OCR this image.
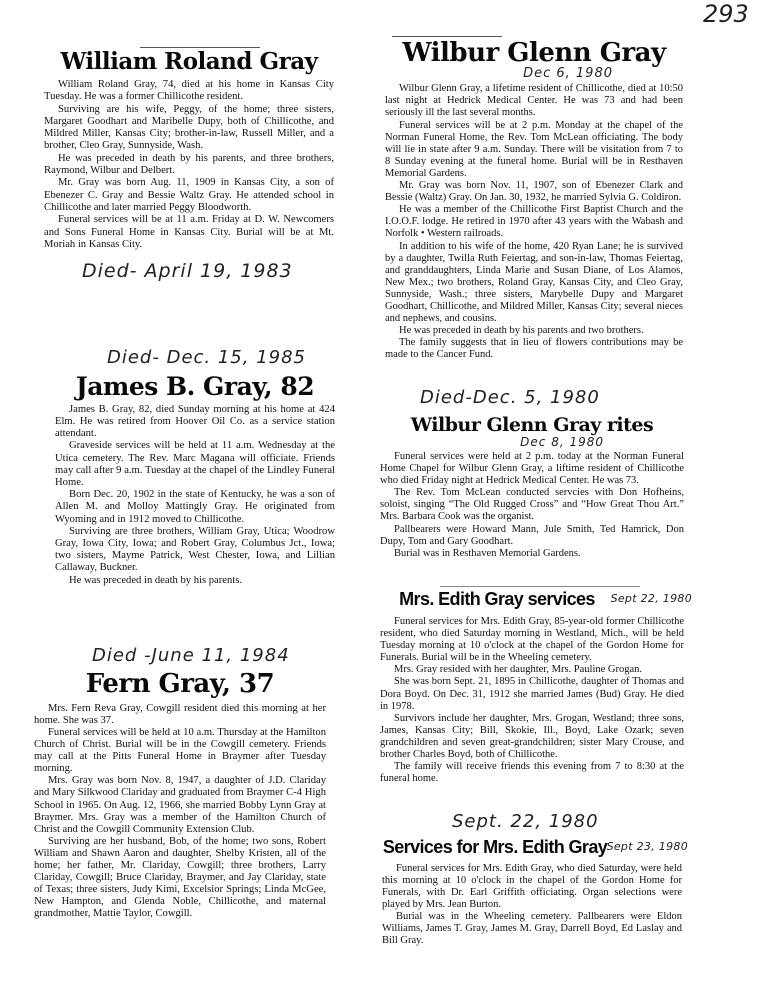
293
William Roland Gray

William Roland Gray, 74, died at his home in Kansas City Tuesday. He was a former Chillicothe resident.

Surviving are his wife, Peggy, of the home; three sisters, Margaret Goodhart and Maribelle Dupy, both of Chillicothe, and Mildred Miller, Kansas City; brother-in-law, Russell Miller, and a brother, Cleo Gray, Sunnyside, Wash.

He was preceded in death by his parents, and three brothers, Raymond, Wilbur and Delbert.

Mr. Gray was born Aug. 11, 1909 in Kansas City, a son of Ebenezer C. Gray and Bessie Waltz Gray. He attended school in Chillicothe and later married Peggy Bloodworth.

Funeral services will be at 11 a.m. Friday at D. W. Newcomers and Sons Funeral Home in Kansas City. Burial will be at Mt. Moriah in Kansas City.

Died- April 19, 1983
Died- Dec. 15, 1985
James B. Gray, 82

James B. Gray, 82, died Sunday morning at his home at 424 Elm. He was retired from Hoover Oil Co. as a service station attendant.

Graveside services will be held at 11 a.m. Wednesday at the Utica cemetery. The Rev. Marc Magana will officiate. Friends may call after 9 a.m. Tuesday at the chapel of the Lindley Funeral Home.

Born Dec. 20, 1902 in the state of Kentucky, he was a son of Allen M. and Molloy Mattingly Gray. He originated from Wyoming and in 1912 moved to Chillicothe.

Surviving are three brothers, William Gray, Utica; Woodrow Gray, Iowa City, Iowa; and Robert Gray, Columbus Jct., Iowa; two sisters, Mayme Patrick, West Chester, Iowa, and Lillian Callaway, Buckner.

He was preceded in death by his parents.

Died -June 11, 1984
Fern Gray, 37

Mrs. Fern Reva Gray, Cowgill resident died this morning at her home. She was 37.

Funeral services will be held at 10 a.m. Thursday at the Hamilton Church of Christ. Burial will be in the Cowgill cemetery. Friends may call at the Pitts Funeral Home in Braymer after Tuesday morning.

Mrs. Gray was born Nov. 8, 1947, a daughter of J.D. Clariday and Mary Silkwood Clariday and graduated from Braymer C-4 High School in 1965. On Aug. 12, 1966, she married Bobby Lynn Gray at Braymer. Mrs. Gray was a member of the Hamilton Church of Christ and the Cowgill Community Extension Club.

Surviving are her husband, Bob, of the home; two sons, Robert William and Shawn Aaron and daughter, Shelby Kristen, all of the home; her father, Mr. Clariday, Cowgill; three brothers, Larry Clariday, Cowgill; Bruce Clariday, Braymer, and Jay Clariday, state of Texas; three sisters, Judy Kimi, Excelsior Springs; Linda McGee, New Hampton, and Glenda Noble, Chillicothe, and maternal grandmother, Mattie Taylor, Cowgill.

Wilbur Glenn Gray
Dec 6, 1980

Wilbur Glenn Gray, a lifetime resident of Chillicothe, died at 10:50 last night at Hedrick Medical Center. He was 73 and had been seriously ill the last several months.

Funeral services will be at 2 p.m. Monday at the chapel of the Norman Funeral Home, the Rev. Tom McLean officiating. The body will lie in state after 9 a.m. Sunday. There will be visitation from 7 to 8 Sunday evening at the funeral home. Burial will be in Resthaven Memorial Gardens.

Mr. Gray was born Nov. 11, 1907, son of Ebenezer Clark and Bessie (Waltz) Gray. On Jan. 30, 1932, he married Sylvia G. Coldiron.

He was a member of the Chillicothe First Baptist Church and the I.O.O.F. lodge. He retired in 1970 after 43 years with the Wabash and Norfolk • Western railroads.

In addition to his wife of the home, 420 Ryan Lane; he is survived by a daughter, Twilla Ruth Feiertag, and son-in-law, Thomas Feiertag, and granddaughters, Linda Marie and Susan Diane, of Los Alamos, New Mex.; two brothers, Roland Gray, Kansas City, and Cleo Gray, Sunnyside, Wash.; three sisters, Marybelle Dupy and Margaret Goodhart, Chillicothe, and Mildred Miller, Kansas City; several nieces and nephews, and cousins.

He was preceded in death by his parents and two brothers.

The family suggests that in lieu of flowers contributions may be made to the Cancer Fund.

Died-Dec. 5, 1980
Wilbur Glenn Gray rites
Dec 8, 1980

Funeral services were held at 2 p.m. today at the Norman Funeral Home Chapel for Wilbur Glenn Gray, a liftime resident of Chillicothe who died Friday night at Hedrick Medical Center. He was 73.

The Rev. Tom McLean conducted servcies with Don Hofheins, soloist, singing “The Old Rugged Cross” and “How Great Thou Art.” Mrs. Barbara Cook was the organist.

Pallbearers were Howard Mann, Jule Smith, Ted Hamrick, Don Dupy, Tom and Gary Goodhart.

Burial was in Resthaven Memorial Gardens.

Mrs. Edith Gray services	Sept 22, 1980

Funeral services for Mrs. Edith Gray, 85-year-old former Chillicothe resident, who died Saturday morning in Westland, Mich., will be held Tuesday morning at 10 o'clock at the chapel of the Gordon Home for Funerals. Burial will be in the Wheeling cemetery.

Mrs. Gray resided with her daughter, Mrs. Pauline Grogan.

She was born Sept. 21, 1895 in Chillicothe, daughter of Thomas and Dora Boyd. On Dec. 31, 1912 she married James (Bud) Gray. He died in 1978.

Survivors include her daughter, Mrs. Grogan, Westland; three sons, James, Kansas City; Bill, Skokie, Ill., Boyd, Lake Ozark; seven grandchildren and seven great-grandchildren; sister Mary Crouse, and brother Charles Boyd, both of Chillicothe.

The family will receive friends this evening from 7 to 8:30 at the funeral home.

Sept. 22, 1980
Services for Mrs. Edith Gray Sept 23, 1980

Funeral services for Mrs. Edith Gray, who died Saturday, were held this morning at 10 o'clock in the chapel of the Gordon Home for Funerals, with Dr. Earl Griffith officiating. Organ selections were played by Mrs. Jean Burton.

Burial was in the Wheeling cemetery. Pallbearers were Eldon Williams, James T. Gray, James M. Gray, Darrell Boyd, Ed Laslay and Bill Gray.
